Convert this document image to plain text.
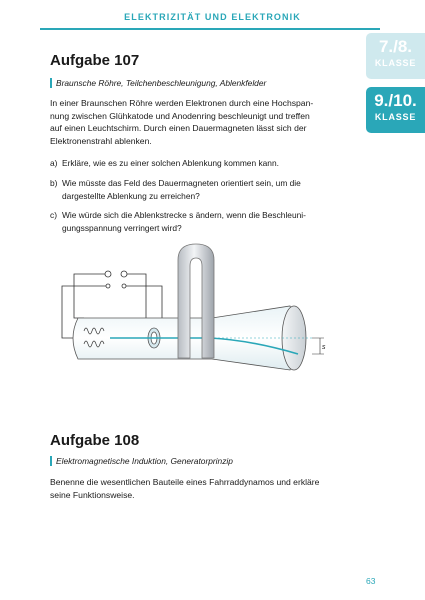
ELEKTRIZITÄT UND ELEKTRONIK
7./8.
KLASSE
9./10.
KLASSE
Aufgabe 107
Braunsche Röhre, Teilchenbeschleunigung, Ablenkfelder
In einer Braunschen Röhre werden Elektronen durch eine Hochspan-
nung zwischen Glühkatode und Anodenring beschleunigt und treffen
auf einen Leuchtschirm. Durch einen Dauermagneten lässt sich der
Elektronenstrahl ablenken.
a) Erkläre, wie es zu einer solchen Ablenkung kommen kann.
b) Wie müsste das Feld des Dauermagneten orientiert sein, um die
dargestellte Ablenkung zu erreichen?
c) Wie würde sich die Ablenkstrecke s ändern, wenn die Beschleuni-
gungsspannung verringert wird?
s
Aufgabe 108
Elektromagnetische Induktion, Generatorprinzip
Benenne die wesentlichen Bauteile eines Fahrraddynamos und erkläre
seine Funktionsweise.
63
